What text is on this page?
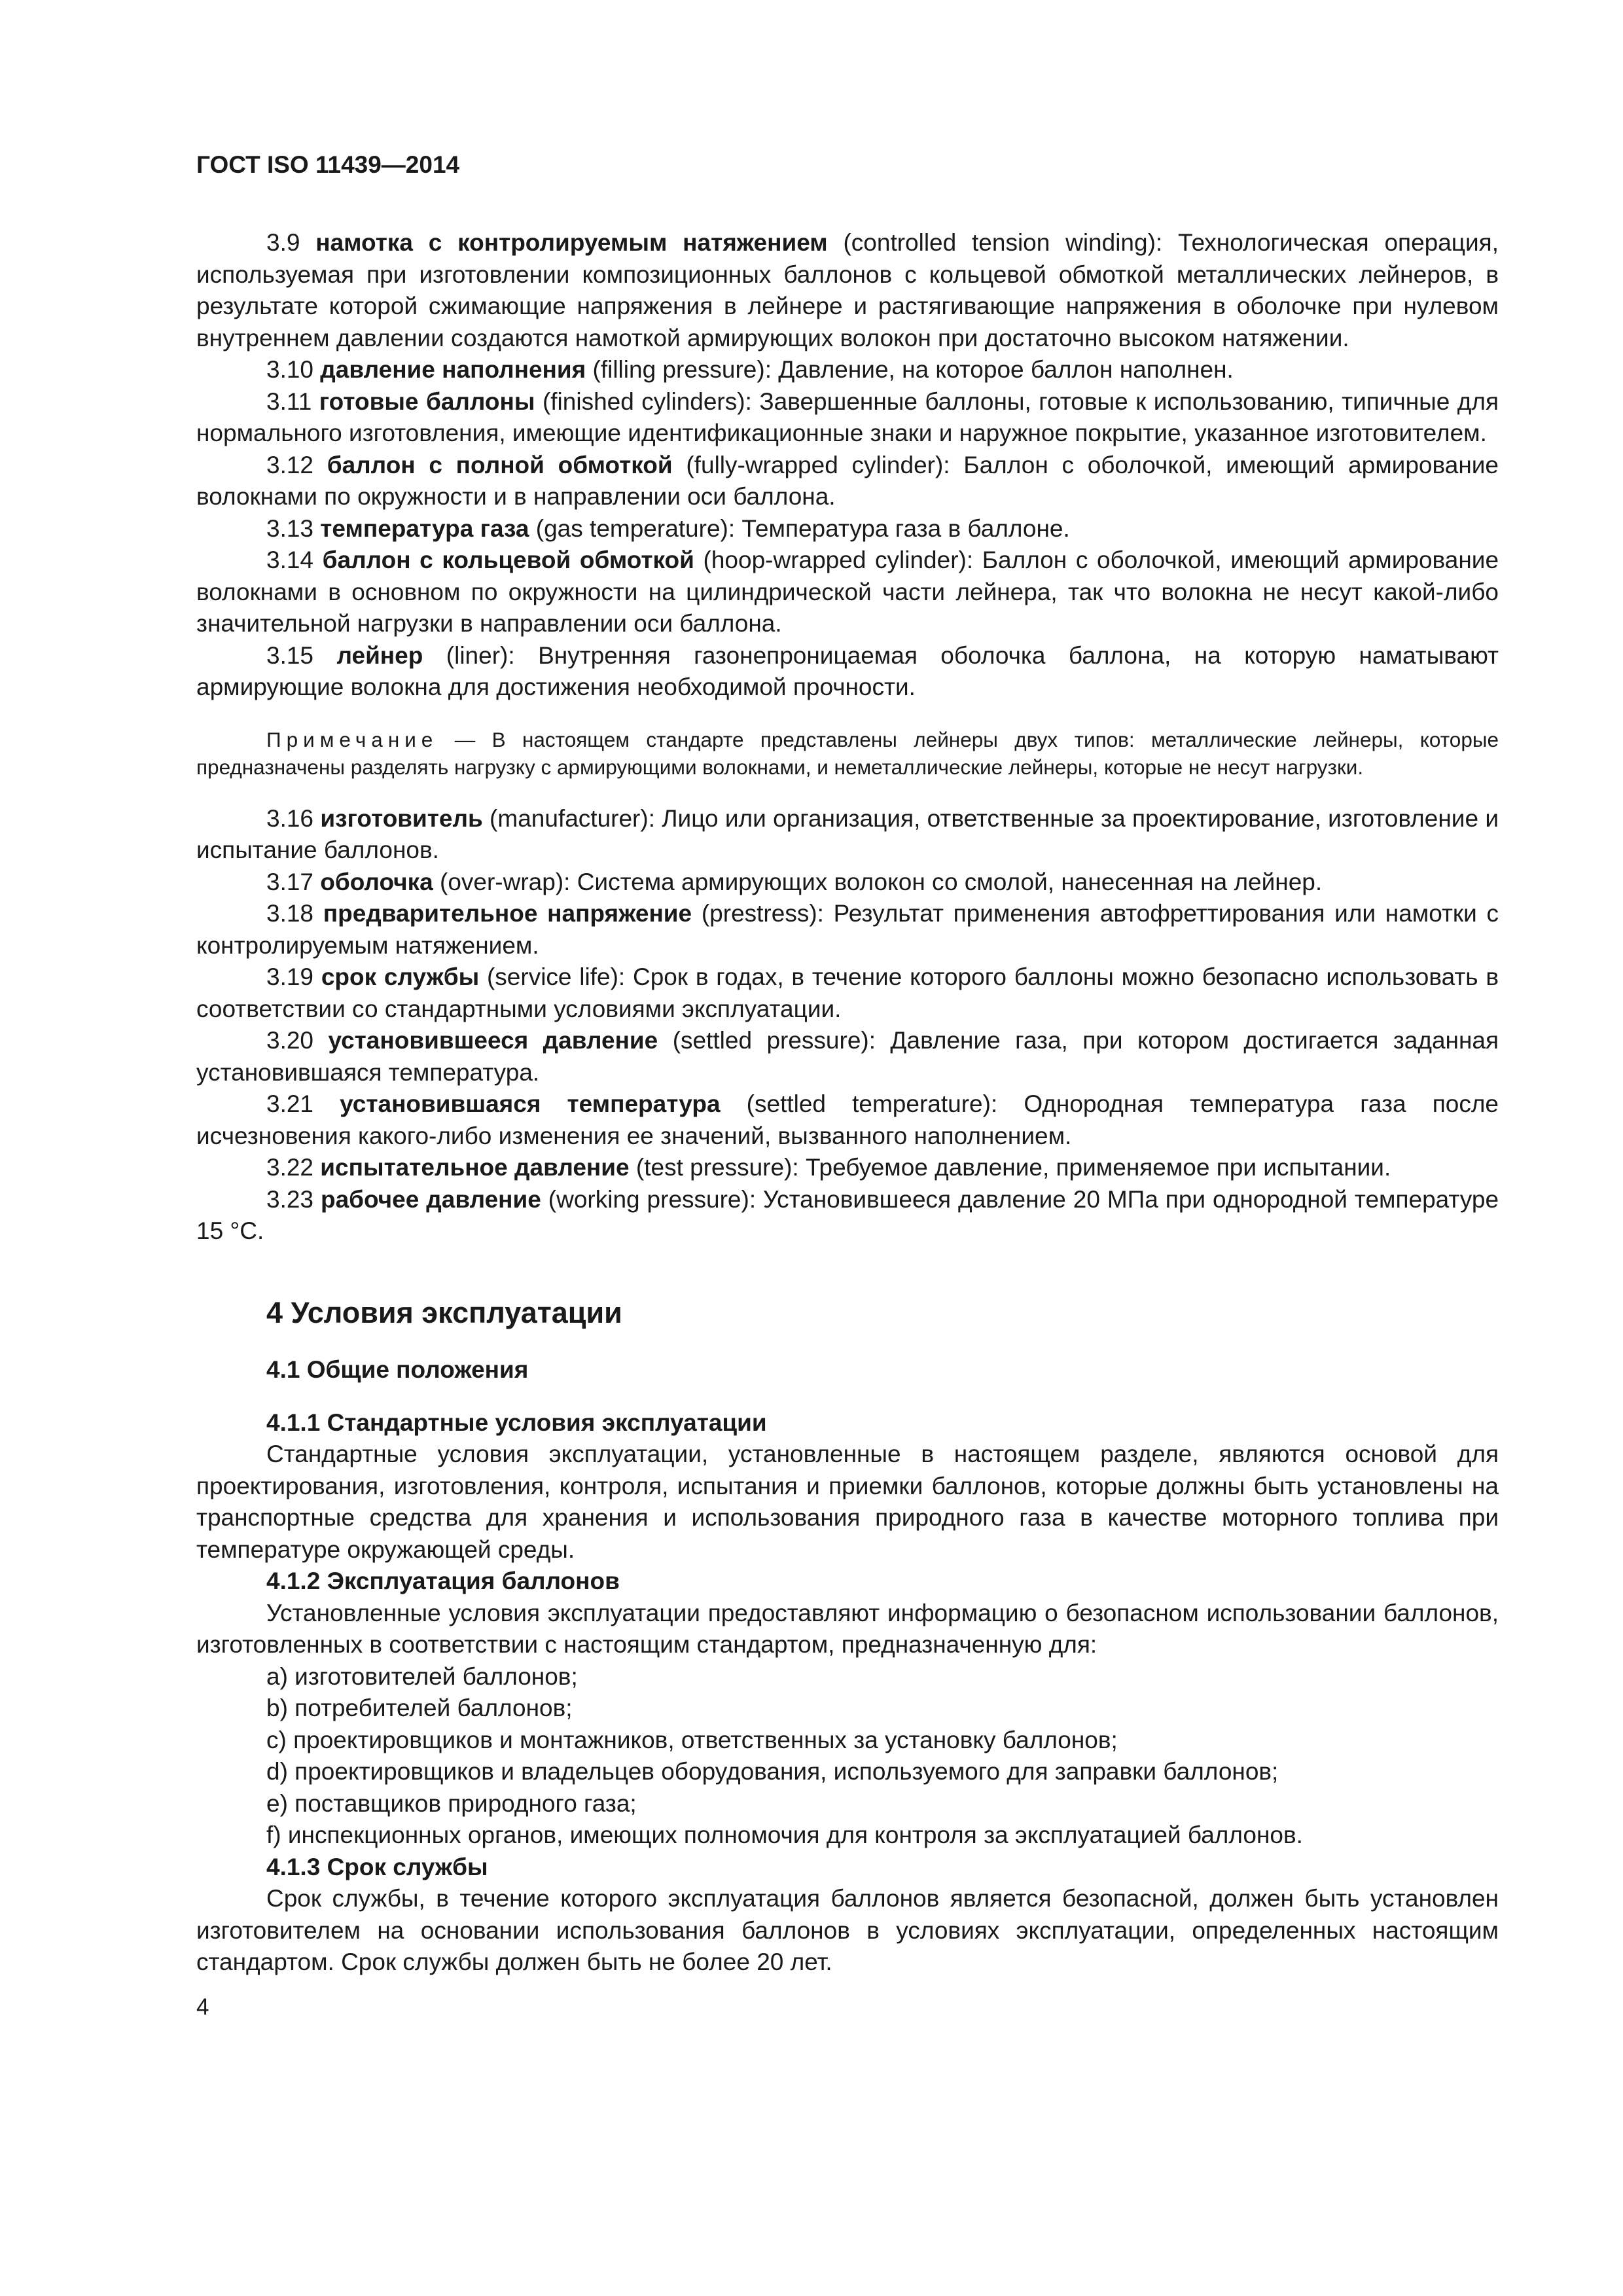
ГОСТ ISO 11439—2014

3.9 намотка с контролируемым натяжением (controlled tension winding): Технологическая операция, используемая при изготовлении композиционных баллонов с кольцевой обмоткой металлических лейнеров, в результате которой сжимающие напряжения в лейнере и растягивающие напряжения в оболочке при нулевом внутреннем давлении создаются намоткой армирующих волокон при достаточно высоком натяжении.

3.10 давление наполнения (filling pressure): Давление, на которое баллон наполнен.

3.11 готовые баллоны (finished cylinders): Завершенные баллоны, готовые к использованию, типичные для нормального изготовления, имеющие идентификационные знаки и наружное покрытие, указанное изготовителем.

3.12 баллон с полной обмоткой (fully-wrapped cylinder): Баллон с оболочкой, имеющий армирование волокнами по окружности и в направлении оси баллона.

3.13 температура газа (gas temperature): Температура газа в баллоне.

3.14 баллон с кольцевой обмоткой (hoop-wrapped cylinder): Баллон с оболочкой, имеющий армирование волокнами в основном по окружности на цилиндрической части лейнера, так что волокна не несут какой-либо значительной нагрузки в направлении оси баллона.

3.15 лейнер (liner): Внутренняя газонепроницаемая оболочка баллона, на которую наматывают армирующие волокна для достижения необходимой прочности.

Примечание — В настоящем стандарте представлены лейнеры двух типов: металлические лейнеры, которые предназначены разделять нагрузку с армирующими волокнами, и неметаллические лейнеры, которые не несут нагрузки.

3.16 изготовитель (manufacturer): Лицо или организация, ответственные за проектирование, изготовление и испытание баллонов.

3.17 оболочка (over-wrap): Система армирующих волокон со смолой, нанесенная на лейнер.

3.18 предварительное напряжение (prestress): Результат применения автофреттирования или намотки с контролируемым натяжением.

3.19 срок службы (service life): Срок в годах, в течение которого баллоны можно безопасно использовать в соответствии со стандартными условиями эксплуатации.

3.20 установившееся давление (settled pressure): Давление газа, при котором достигается заданная установившаяся температура.

3.21 установившаяся температура (settled temperature): Однородная температура газа после исчезновения какого-либо изменения ее значений, вызванного наполнением.

3.22 испытательное давление (test pressure): Требуемое давление, применяемое при испытании.

3.23 рабочее давление (working pressure): Установившееся давление 20 МПа при однородной температуре 15 °С.

4 Условия эксплуатации
4.1 Общие положения
4.1.1 Стандартные условия эксплуатации

Стандартные условия эксплуатации, установленные в настоящем разделе, являются основой для проектирования, изготовления, контроля, испытания и приемки баллонов, которые должны быть установлены на транспортные средства для хранения и использования природного газа в качестве моторного топлива при температуре окружающей среды.

4.1.2 Эксплуатация баллонов

Установленные условия эксплуатации предоставляют информацию о безопасном использовании баллонов, изготовленных в соответствии с настоящим стандартом, предназначенную для:

a) изготовителей баллонов;
b) потребителей баллонов;
c) проектировщиков и монтажников, ответственных за установку баллонов;
d) проектировщиков и владельцев оборудования, используемого для заправки баллонов;
e) поставщиков природного газа;
f) инспекционных органов, имеющих полномочия для контроля за эксплуатацией баллонов.
4.1.3 Срок службы

Срок службы, в течение которого эксплуатация баллонов является безопасной, должен быть установлен изготовителем на основании использования баллонов в условиях эксплуатации, определенных настоящим стандартом. Срок службы должен быть не более 20 лет.

4
